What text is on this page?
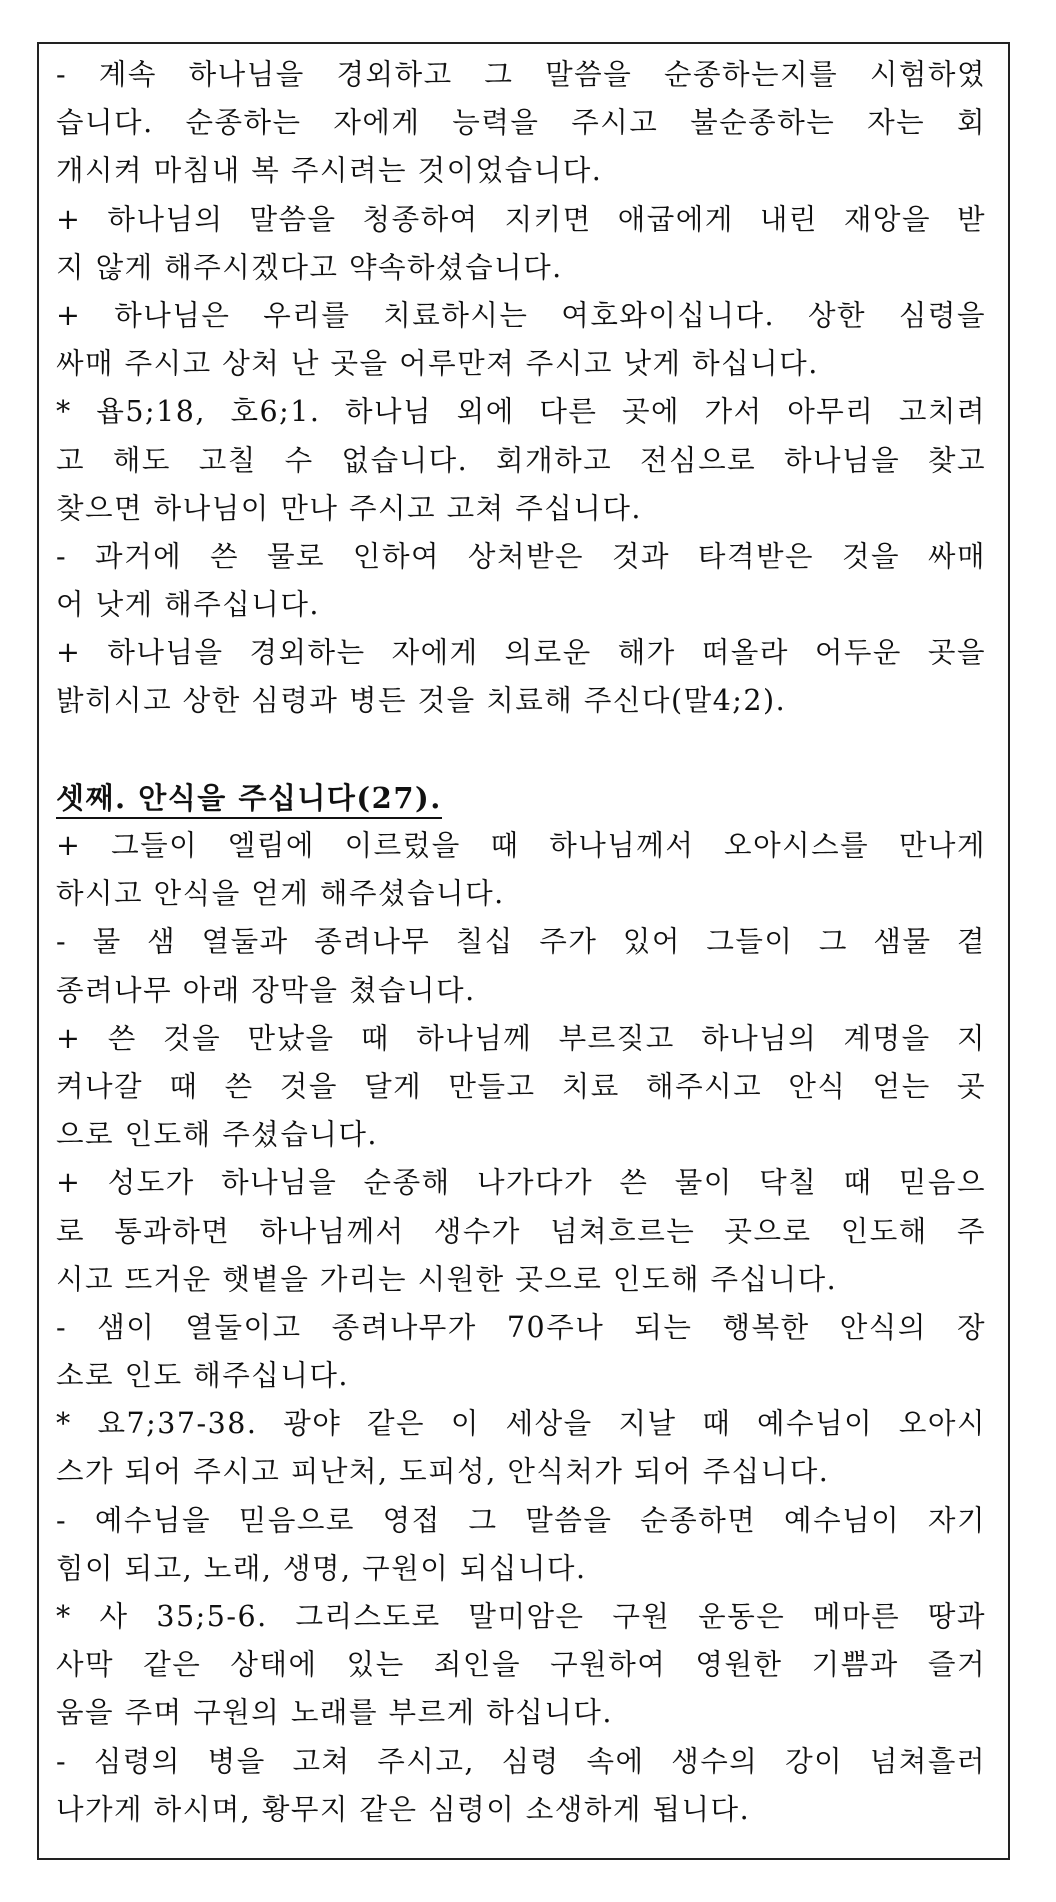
- 계속 하나님을 경외하고 그 말씀을 순종하는지를 시험하였
습니다. 순종하는 자에게 능력을 주시고 불순종하는 자는 회
개시켜 마침내 복 주시려는 것이었습니다.
+ 하나님의 말씀을 청종하여 지키면 애굽에게 내린 재앙을 받
지 않게 해주시겠다고 약속하셨습니다.
+ 하나님은 우리를 치료하시는 여호와이십니다. 상한 심령을
싸매 주시고 상처 난 곳을 어루만져 주시고 낫게 하십니다.
* 욥5;18, 호6;1. 하나님 외에 다른 곳에 가서 아무리 고치려
고 해도 고칠 수 없습니다. 회개하고 전심으로 하나님을 찾고
찾으면 하나님이 만나 주시고 고쳐 주십니다.
- 과거에 쓴 물로 인하여 상처받은 것과 타격받은 것을 싸매
어 낫게 해주십니다.
+ 하나님을 경외하는 자에게 의로운 해가 떠올라 어두운 곳을
밝히시고 상한 심령과 병든 것을 치료해 주신다(말4;2).
셋째. 안식을 주십니다(27).
+ 그들이 엘림에 이르렀을 때 하나님께서 오아시스를 만나게
하시고 안식을 얻게 해주셨습니다.
- 물 샘 열둘과 종려나무 칠십 주가 있어 그들이 그 샘물 곁
종려나무 아래 장막을 쳤습니다.
+ 쓴 것을 만났을 때 하나님께 부르짖고 하나님의 계명을 지
켜나갈 때 쓴 것을 달게 만들고 치료 해주시고 안식 얻는 곳
으로 인도해 주셨습니다.
+ 성도가 하나님을 순종해 나가다가 쓴 물이 닥칠 때 믿음으
로 통과하면 하나님께서 생수가 넘쳐흐르는 곳으로 인도해 주
시고 뜨거운 햇볕을 가리는 시원한 곳으로 인도해 주십니다.
- 샘이 열둘이고 종려나무가 70주나 되는 행복한 안식의 장
소로 인도 해주십니다.
* 요7;37-38. 광야 같은 이 세상을 지날 때 예수님이 오아시
스가 되어 주시고 피난처, 도피성, 안식처가 되어 주십니다.
- 예수님을 믿음으로 영접 그 말씀을 순종하면 예수님이 자기
힘이 되고, 노래, 생명, 구원이 되십니다.
* 사 35;5-6. 그리스도로 말미암은 구원 운동은 메마른 땅과
사막 같은 상태에 있는 죄인을 구원하여 영원한 기쁨과 즐거
움을 주며 구원의 노래를 부르게 하십니다.
- 심령의 병을 고쳐 주시고, 심령 속에 생수의 강이 넘쳐흘러
나가게 하시며, 황무지 같은 심령이 소생하게 됩니다.
